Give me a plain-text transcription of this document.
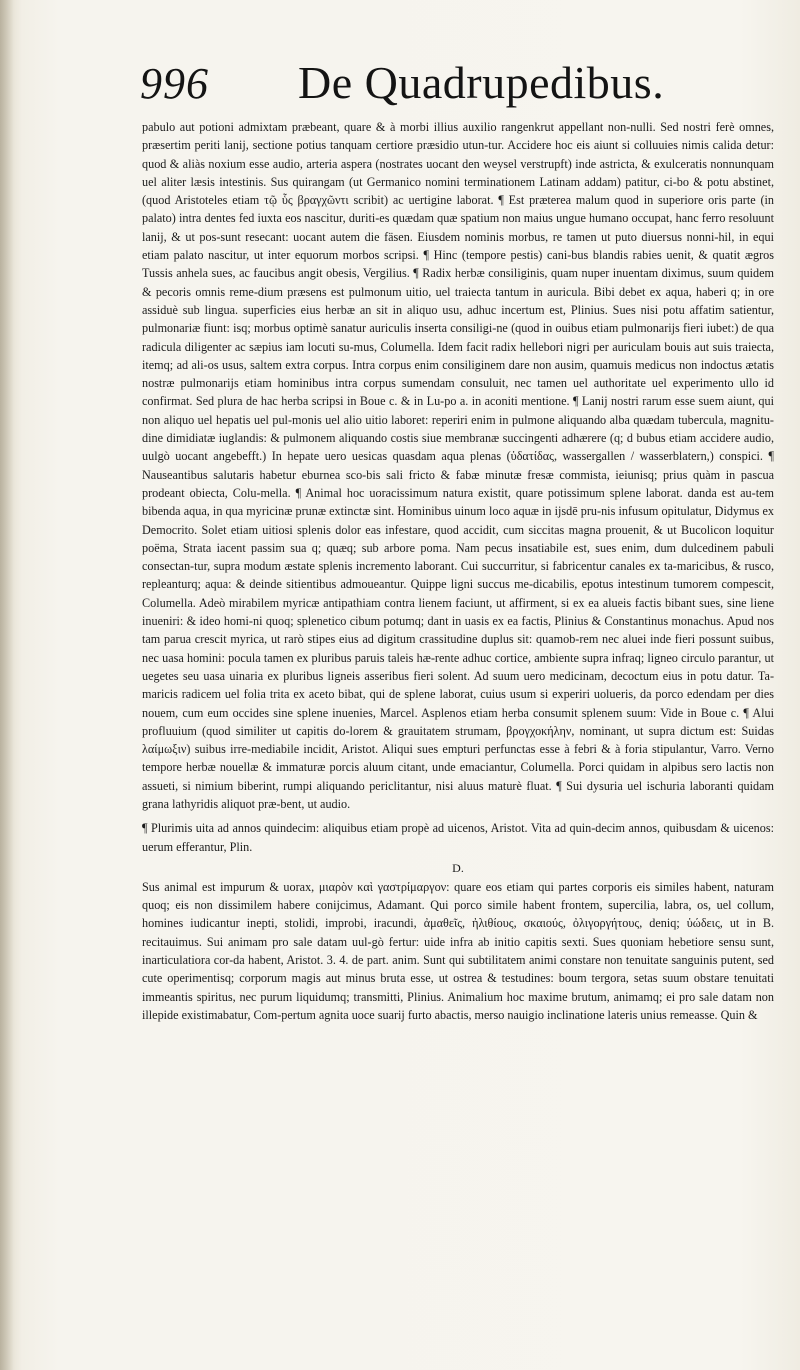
996 De Quadrupedibus.

pabulo aut potioni admixtam præbeant, quare & à morbi illius auxilio rangenkrut appellant non-nulli. Sed nostri ferè omnes, præsertim periti lanij, sectione potius tanquam certiore præsidio utun-tur. Accidere hoc eis aiunt si colluuies nimis calida detur: quod & aliàs noxium esse audio, arteria aspera (nostrates uocant den weysel verstrupft) inde astricta, & exulceratis nonnunquam uel aliter læsis intestinis. Sus quirangam (ut Germanico nomini terminationem Latinam addam) patitur, ci-bo & potu abstinet, (quod Aristoteles etiam τῷ ὗς βραγχῶντι scribit) ac uertigine laborat. ¶ Est præterea malum quod in superiore oris parte (in palato) intra dentes fed iuxta eos nascitur, duriti-es quædam quæ spatium non maius ungue humano occupat, hanc ferro resoluunt lanij, & ut pos-sunt resecant: uocant autem die fäsen. Eiusdem nominis morbus, re tamen ut puto diuersus nonni-hil, in equi etiam palato nascitur, ut inter equorum morbos scripsi. ¶ Hinc (tempore pestis) cani-bus blandis rabies uenit, & quatit ægros Tussis anhela sues, ac faucibus angit obesis, Vergilius. ¶ Radix herbæ consiliginis, quam nuper inuentam diximus, suum quidem & pecoris omnis reme-dium præsens est pulmonum uitio, uel traiecta tantum in auricula. Bibi debet ex aqua, haberi q; in ore assiduè sub lingua. superficies eius herbæ an sit in aliquo usu, adhuc incertum est, Plinius. Sues nisi potu affatim satientur, pulmonariæ fiunt: isq; morbus optimè sanatur auriculis inserta consiligi-ne (quod in ouibus etiam pulmonarijs fieri iubet:) de qua radicula diligenter ac sæpius iam locuti su-mus, Columella. Idem facit radix hellebori nigri per auriculam bouis aut suis traiecta, itemq; ad ali-os usus, saltem extra corpus. Intra corpus enim consiliginem dare non ausim, quamuis medicus non indoctus ætatis nostræ pulmonarijs etiam hominibus intra corpus sumendam consuluit, nec tamen uel authoritate uel experimento ullo id confirmat. Sed plura de hac herba scripsi in Boue c. & in Lu-po a. in aconiti mentione. ¶ Lanij nostri rarum esse suem aiunt, qui non aliquo uel hepatis uel pul-monis uel alio uitio laboret: reperiri enim in pulmone aliquando alba quædam tubercula, magnitu-dine dimidiatæ iuglandis: & pulmonem aliquando costis siue membranæ succingenti adhærere (q; d bubus etiam accidere audio, uulgò uocant angebefft.) In hepate uero uesicas quasdam aqua plenas (ὑδατίδας, wassergallen / wasserblatern,) conspici. ¶ Nauseantibus salutaris habetur eburnea sco-bis sali fricto & fabæ minutæ fresæ commista, ieiunisq; prius quàm in pascua prodeant obiecta, Colu-mella. ¶ Animal hoc uoracissimum natura existit, quare potissimum splene laborat. danda est au-tem bibenda aqua, in qua myricinæ prunæ extinctæ sint. Hominibus uinum loco aquæ in ijsdē pru-nis infusum opitulatur, Didymus ex Democrito. Solet etiam uitiosi splenis dolor eas infestare, quod accidit, cum siccitas magna prouenit, & ut Bucolicon loquitur poëma, Strata iacent passim sua q; quæq; sub arbore poma. Nam pecus insatiabile est, sues enim, dum dulcedinem pabuli consectan-tur, supra modum æstate splenis incremento laborant. Cui succurritur, si fabricentur canales ex ta-maricibus, & rusco, repleanturq; aqua: & deinde sitientibus admoueantur. Quippe ligni succus me-dicabilis, epotus intestinum tumorem compescit, Columella. Adeò mirabilem myricæ antipathiam contra lienem faciunt, ut affirment, si ex ea alueis factis bibant sues, sine liene inueniri: & ideo homi-ni quoq; splenetico cibum potumq; dant in uasis ex ea factis, Plinius & Constantinus monachus. Apud nos tam parua crescit myrica, ut rarò stipes eius ad digitum crassitudine duplus sit: quamob-rem nec aluei inde fieri possunt suibus, nec uasa homini: pocula tamen ex pluribus paruis taleis hæ-rente adhuc cortice, ambiente supra infraq; ligneo circulo parantur, ut uegetes seu uasa uinaria ex pluribus ligneis asseribus fieri solent. Ad suum uero medicinam, decoctum eius in potu datur. Ta-maricis radicem uel folia trita ex aceto bibat, qui de splene laborat, cuius usum si experiri uolueris, da porco edendam per dies nouem, cum eum occides sine splene inuenies, Marcel. Asplenos etiam herba consumit splenem suum: Vide in Boue c. ¶ Alui profluuium (quod similiter ut capitis do-lorem & grauitatem strumam, βρογχοκήλην, nominant, ut supra dictum est: Suidas λαίμωξιν) suibus irre-mediabile incidit, Aristot. Aliqui sues empturi perfunctas esse à febri & à foria stipulantur, Varro. Verno tempore herbæ nouellæ & immaturæ porcis aluum citant, unde emaciantur, Columella. Porci quidam in alpibus sero lactis non assueti, si nimium biberint, rumpi aliquando periclitantur, nisi aluus maturè fluat. ¶ Sui dysuria uel ischuria laboranti quidam grana lathyridis aliquot præ-bent, ut audio.

¶ Plurimis uita ad annos quindecim: aliquibus etiam propè ad uicenos, Aristot. Vita ad quin-decim annos, quibusdam & uicenos: uerum efferantur, Plin.

D.

Sus animal est impurum & uorax, μιαρὸν καὶ γαστρίμαργον: quare eos etiam qui partes corporis eis similes habent, naturam quoq; eis non dissimilem habere conijcimus, Adamant. Qui porco simile habent frontem, supercilia, labra, os, uel collum, homines iudicantur inepti, stolidi, improbi, iracundi, ἀμαθεῖς, ἠλιθίους, σκαιούς, ὀλιγοργήτους, deniq; ὑώδεις, ut in B. recitauimus. Sui animam pro sale datam uul-gò fertur: uide infra ab initio capitis sexti. Sues quoniam hebetiore sensu sunt, inarticulatiora cor-da habent, Aristot. 3. 4. de part. anim. Sunt qui subtilitatem animi constare non tenuitate sanguinis putent, sed cute operimentisq; corporum magis aut minus bruta esse, ut ostrea & testudines: boum tergora, setas suum obstare tenuitati immeantis spiritus, nec purum liquidumq; transmitti, Plinius. Animalium hoc maxime brutum, animamq; ei pro sale datam non illepide existimabatur, Com-pertum agnita uoce suarij furto abactis, merso nauigio inclinatione lateris unius remeasse. Quin &
